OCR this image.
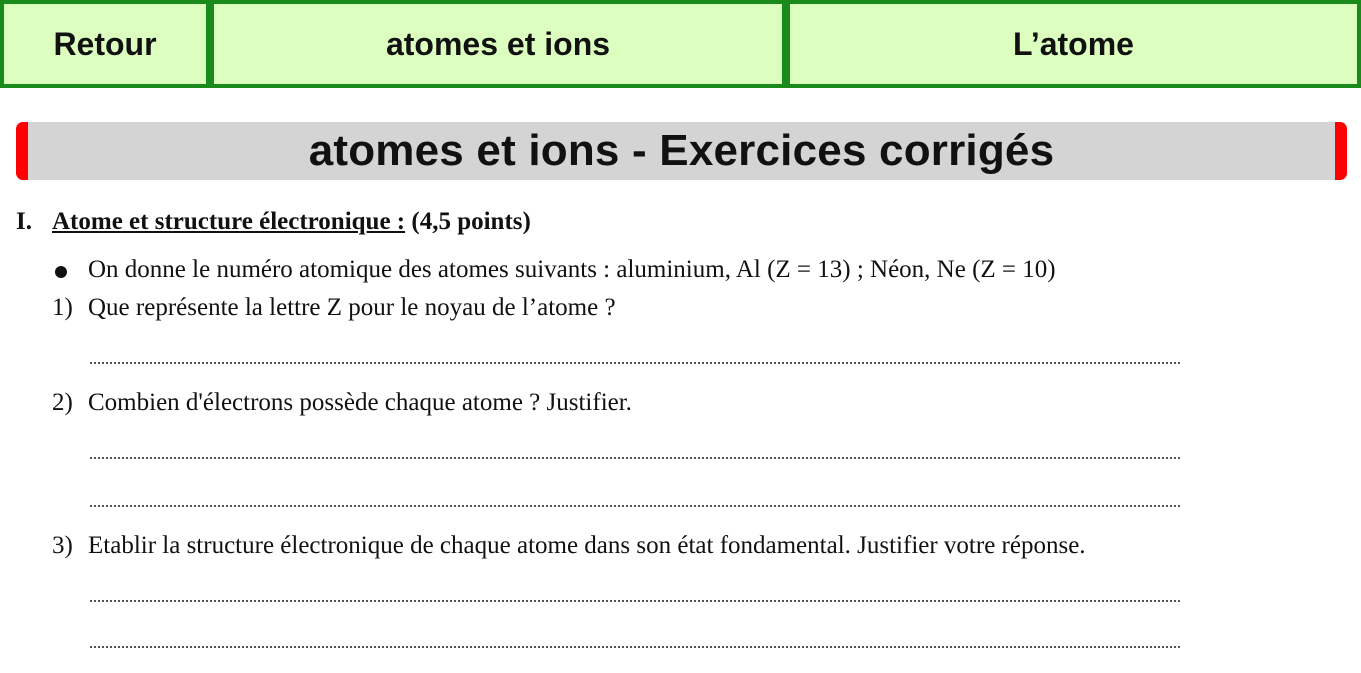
Retour	atomes et ions	L’atome
atomes et ions - Exercices corrigés
I. Atome et structure électronique : (4,5 points)
On donne le numéro atomique des atomes suivants : aluminium, Al (Z = 13) ; Néon, Ne (Z = 10)
1) Que représente la lettre Z pour le noyau de l’atome ?
2) Combien d'électrons possède chaque atome ? Justifier.
3) Etablir la structure électronique de chaque atome dans son état fondamental. Justifier votre réponse.
